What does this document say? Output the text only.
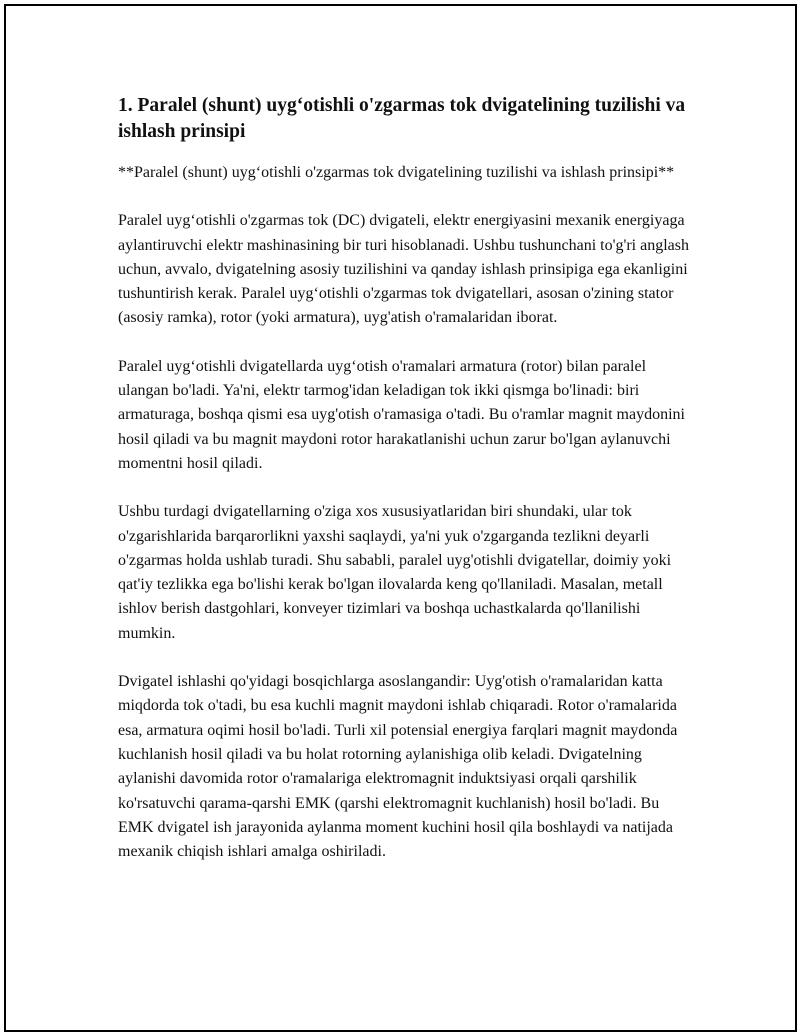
1. Paralel (shunt) uyg‘otishli o'zgarmas tok dvigatelining tuzilishi va ishlash prinsipi

**Paralel (shunt) uyg‘otishli o'zgarmas tok dvigatelining tuzilishi va ishlash prinsipi**

Paralel uyg‘otishli o'zgarmas tok (DC) dvigateli, elektr energiyasini mexanik energiyaga aylantiruvchi elektr mashinasining bir turi hisoblanadi. Ushbu tushunchani to'g'ri anglash uchun, avvalo, dvigatelning asosiy tuzilishini va qanday ishlash prinsipiga ega ekanligini tushuntirish kerak. Paralel uyg‘otishli o'zgarmas tok dvigatellari, asosan o'zining stator (asosiy ramka), rotor (yoki armatura), uyg'atish o'ramalaridan iborat.

Paralel uyg‘otishli dvigatellarda uyg‘otish o'ramalari armatura (rotor) bilan paralel ulangan bo'ladi. Ya'ni, elektr tarmog'idan keladigan tok ikki qismga bo'linadi: biri armaturaga, boshqa qismi esa uyg'otish o'ramasiga o'tadi. Bu o'ramlar magnit maydonini hosil qiladi va bu magnit maydoni rotor harakatlanishi uchun zarur bo'lgan aylanuvchi momentni hosil qiladi.

Ushbu turdagi dvigatellarning o'ziga xos xususiyatlaridan biri shundaki, ular tok o'zgarishlarida barqarorlikni yaxshi saqlaydi, ya'ni yuk o'zgarganda tezlikni deyarli o'zgarmas holda ushlab turadi. Shu sababli, paralel uyg'otishli dvigatellar, doimiy yoki qat'iy tezlikka ega bo'lishi kerak bo'lgan ilovalarda keng qo'llaniladi. Masalan, metall ishlov berish dastgohlari, konveyer tizimlari va boshqa uchastkalarda qo'llanilishi mumkin.

Dvigatel ishlashi qo'yidagi bosqichlarga asoslangandir: Uyg'otish o'ramalaridan katta miqdorda tok o'tadi, bu esa kuchli magnit maydoni ishlab chiqaradi. Rotor o'ramalarida esa, armatura oqimi hosil bo'ladi. Turli xil potensial energiya farqlari magnit maydonda kuchlanish hosil qiladi va bu holat rotorning aylanishiga olib keladi. Dvigatelning aylanishi davomida rotor o'ramalariga elektromagnit induktsiyasi orqali qarshilik ko'rsatuvchi qarama-qarshi EMK (qarshi elektromagnit kuchlanish) hosil bo'ladi. Bu EMK dvigatel ish jarayonida aylanma moment kuchini hosil qila boshlaydi va natijada mexanik chiqish ishlari amalga oshiriladi.
